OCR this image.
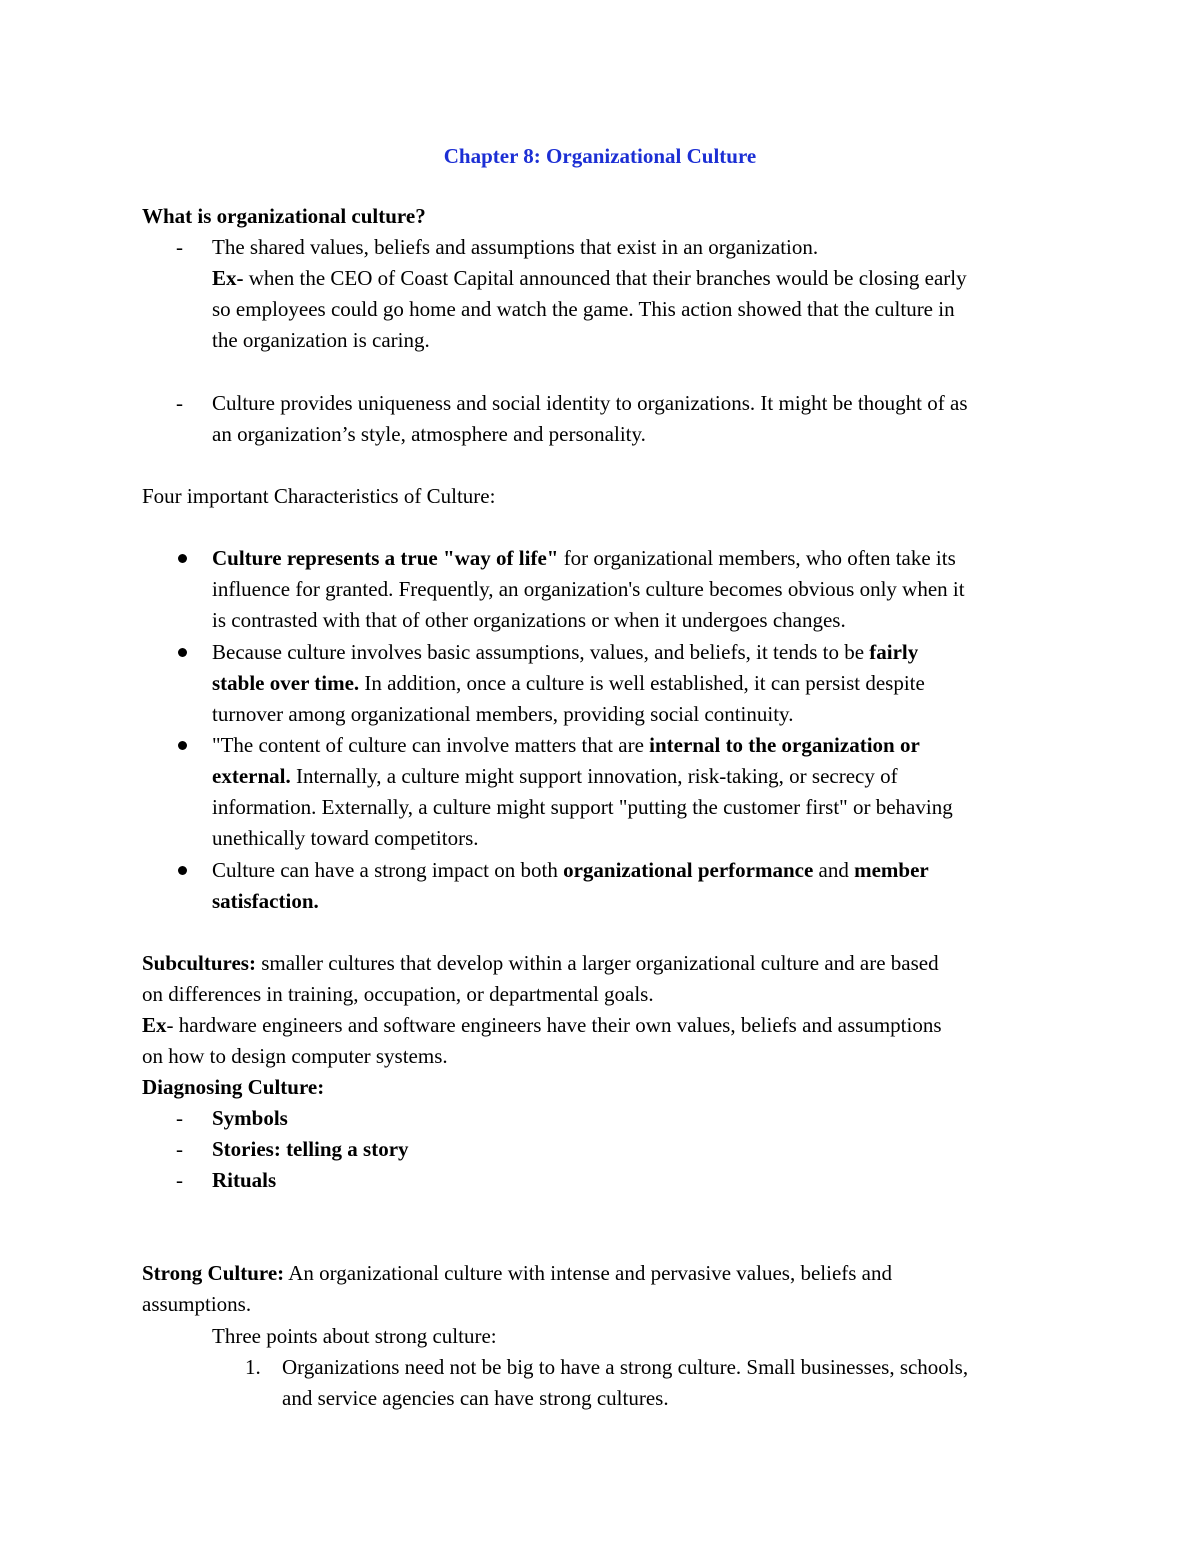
Chapter 8: Organizational Culture
What is organizational culture?
- The shared values, beliefs and assumptions that exist in an organization.
Ex- when the CEO of Coast Capital announced that their branches would be closing early
so employees could go home and watch the game. This action showed that the culture in
the organization is caring.
- Culture provides uniqueness and social identity to organizations. It might be thought of as
an organization’s style, atmosphere and personality.
Four important Characteristics of Culture:
Culture represents a true "way of life" for organizational members, who often take its
influence for granted. Frequently, an organization's culture becomes obvious only when it
is contrasted with that of other organizations or when it undergoes changes.
Because culture involves basic assumptions, values, and beliefs, it tends to be fairly
stable over time. In addition, once a culture is well established, it can persist despite
turnover among organizational members, providing social continuity.
"The content of culture can involve matters that are internal to the organization or
external. Internally, a culture might support innovation, risk-taking, or secrecy of
information. Externally, a culture might support "putting the customer first" or behaving
unethically toward competitors.
Culture can have a strong impact on both organizational performance and member
satisfaction.
Subcultures: smaller cultures that develop within a larger organizational culture and are based
on differences in training, occupation, or departmental goals.
Ex- hardware engineers and software engineers have their own values, beliefs and assumptions
on how to design computer systems.
Diagnosing Culture:
- Symbols
- Stories: telling a story
- Rituals
Strong Culture: An organizational culture with intense and pervasive values, beliefs and
assumptions.
Three points about strong culture:
1. Organizations need not be big to have a strong culture. Small businesses, schools,
and service agencies can have strong cultures.
